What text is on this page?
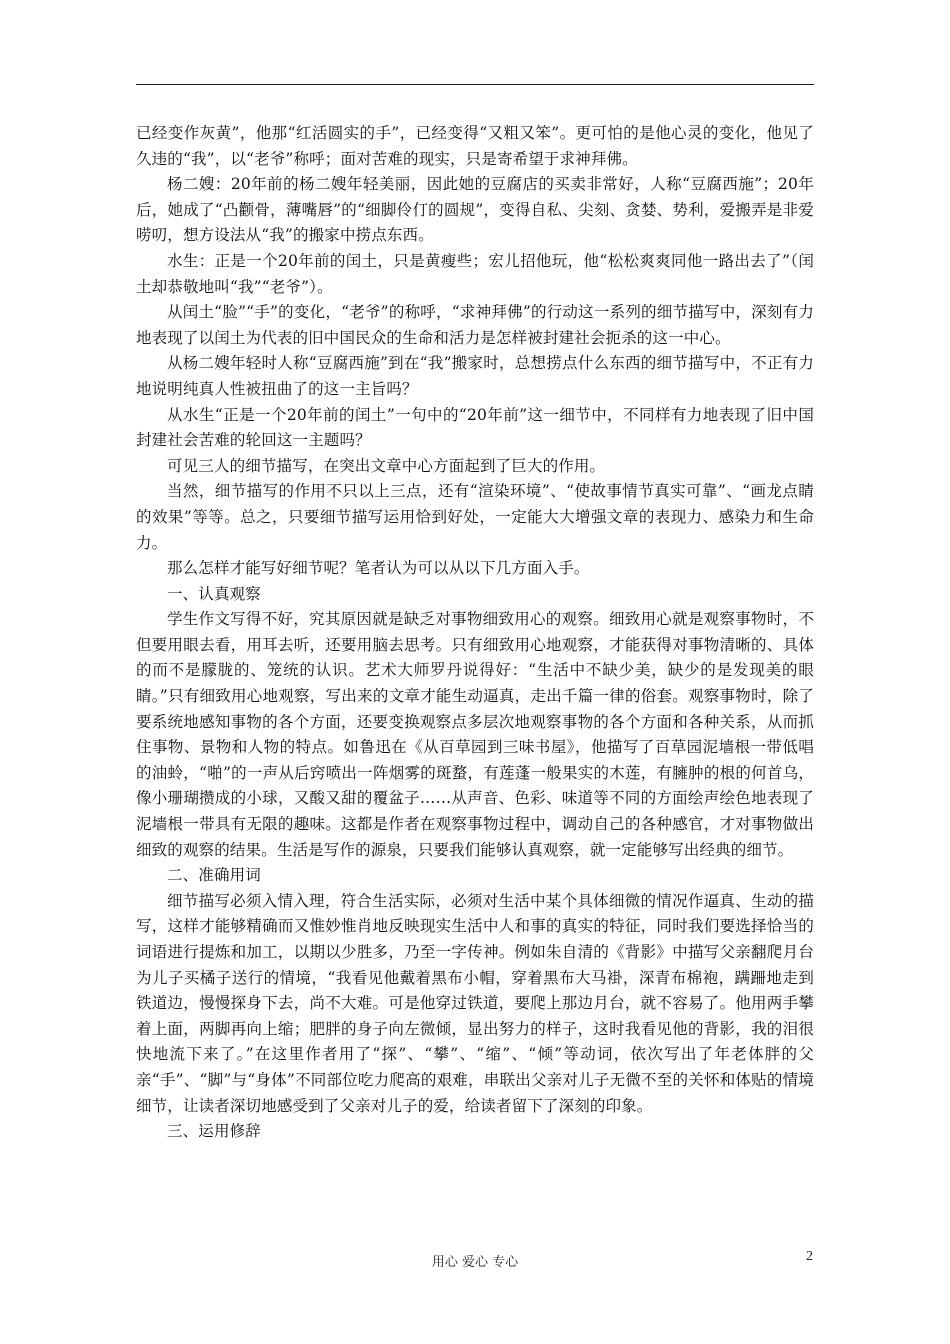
已经变作灰黄”，他那“红活圆实的手”，已经变得“又粗又笨”。更可怕的是他心灵的变化，他见了久违的“我”，以“老爷”称呼；面对苦难的现实，只是寄希望于求神拜佛。

杨二嫂：20年前的杨二嫂年轻美丽，因此她的豆腐店的买卖非常好，人称“豆腐西施”；20年后，她成了“凸颧骨，薄嘴唇”的“细脚伶仃的圆规”，变得自私、尖刻、贪婪、势利，爱搬弄是非爱唠叨，想方设法从“我”的搬家中捞点东西。

水生：正是一个20年前的闰土，只是黄瘦些；宏儿招他玩，他“松松爽爽同他一路出去了”（闰土却恭敬地叫“我”“老爷”）。

从闰土“脸”“手”的变化，“老爷”的称呼，“求神拜佛”的行动这一系列的细节描写中，深刻有力地表现了以闰土为代表的旧中国民众的生命和活力是怎样被封建社会扼杀的这一中心。

从杨二嫂年轻时人称“豆腐西施”到在“我”搬家时，总想捞点什么东西的细节描写中，不正有力地说明纯真人性被扭曲了的这一主旨吗？

从水生“正是一个20年前的闰土”一句中的“20年前”这一细节中，不同样有力地表现了旧中国封建社会苦难的轮回这一主题吗？

可见三人的细节描写，在突出文章中心方面起到了巨大的作用。

当然，细节描写的作用不只以上三点，还有“渲染环境”、“使故事情节真实可靠”、“画龙点睛的效果”等等。总之，只要细节描写运用恰到好处，一定能大大增强文章的表现力、感染力和生命力。

那么怎样才能写好细节呢？笔者认为可以从以下几方面入手。

一、认真观察

学生作文写得不好，究其原因就是缺乏对事物细致用心的观察。细致用心就是观察事物时，不但要用眼去看，用耳去听，还要用脑去思考。只有细致用心地观察，才能获得对事物清晰的、具体的而不是朦胧的、笼统的认识。艺术大师罗丹说得好：“生活中不缺少美，缺少的是发现美的眼睛。”只有细致用心地观察，写出来的文章才能生动逼真，走出千篇一律的俗套。观察事物时，除了要系统地感知事物的各个方面，还要变换观察点多层次地观察事物的各个方面和各种关系，从而抓住事物、景物和人物的特点。如鲁迅在《从百草园到三味书屋》，他描写了百草园泥墙根一带低唱的油蛉，“啪”的一声从后窍喷出一阵烟雾的斑蝥，有莲蓬一般果实的木莲，有臃肿的根的何首乌，像小珊瑚攒成的小球，又酸又甜的覆盆子……从声音、色彩、味道等不同的方面绘声绘色地表现了泥墙根一带具有无限的趣味。这都是作者在观察事物过程中，调动自己的各种感官，才对事物做出细致的观察的结果。生活是写作的源泉，只要我们能够认真观察，就一定能够写出经典的细节。

二、准确用词

细节描写必须入情入理，符合生活实际，必须对生活中某个具体细微的情况作逼真、生动的描写，这样才能够精确而又惟妙惟肖地反映现实生活中人和事的真实的特征，同时我们要选择恰当的词语进行提炼和加工，以期以少胜多，乃至一字传神。例如朱自清的《背影》中描写父亲翻爬月台为儿子买橘子送行的情境，“我看见他戴着黑布小帽，穿着黑布大马褂，深青布棉袍，蹒跚地走到铁道边，慢慢探身下去，尚不大难。可是他穿过铁道，要爬上那边月台，就不容易了。他用两手攀着上面，两脚再向上缩；肥胖的身子向左微倾，显出努力的样子，这时我看见他的背影，我的泪很快地流下来了。”在这里作者用了“探”、“攀”、“缩”、“倾”等动词，依次写出了年老体胖的父亲“手”、“脚”与“身体”不同部位吃力爬高的艰难，串联出父亲对儿子无微不至的关怀和体贴的情境细节，让读者深切地感受到了父亲对儿子的爱，给读者留下了深刻的印象。

三、运用修辞

用心 爱心 专心	2
